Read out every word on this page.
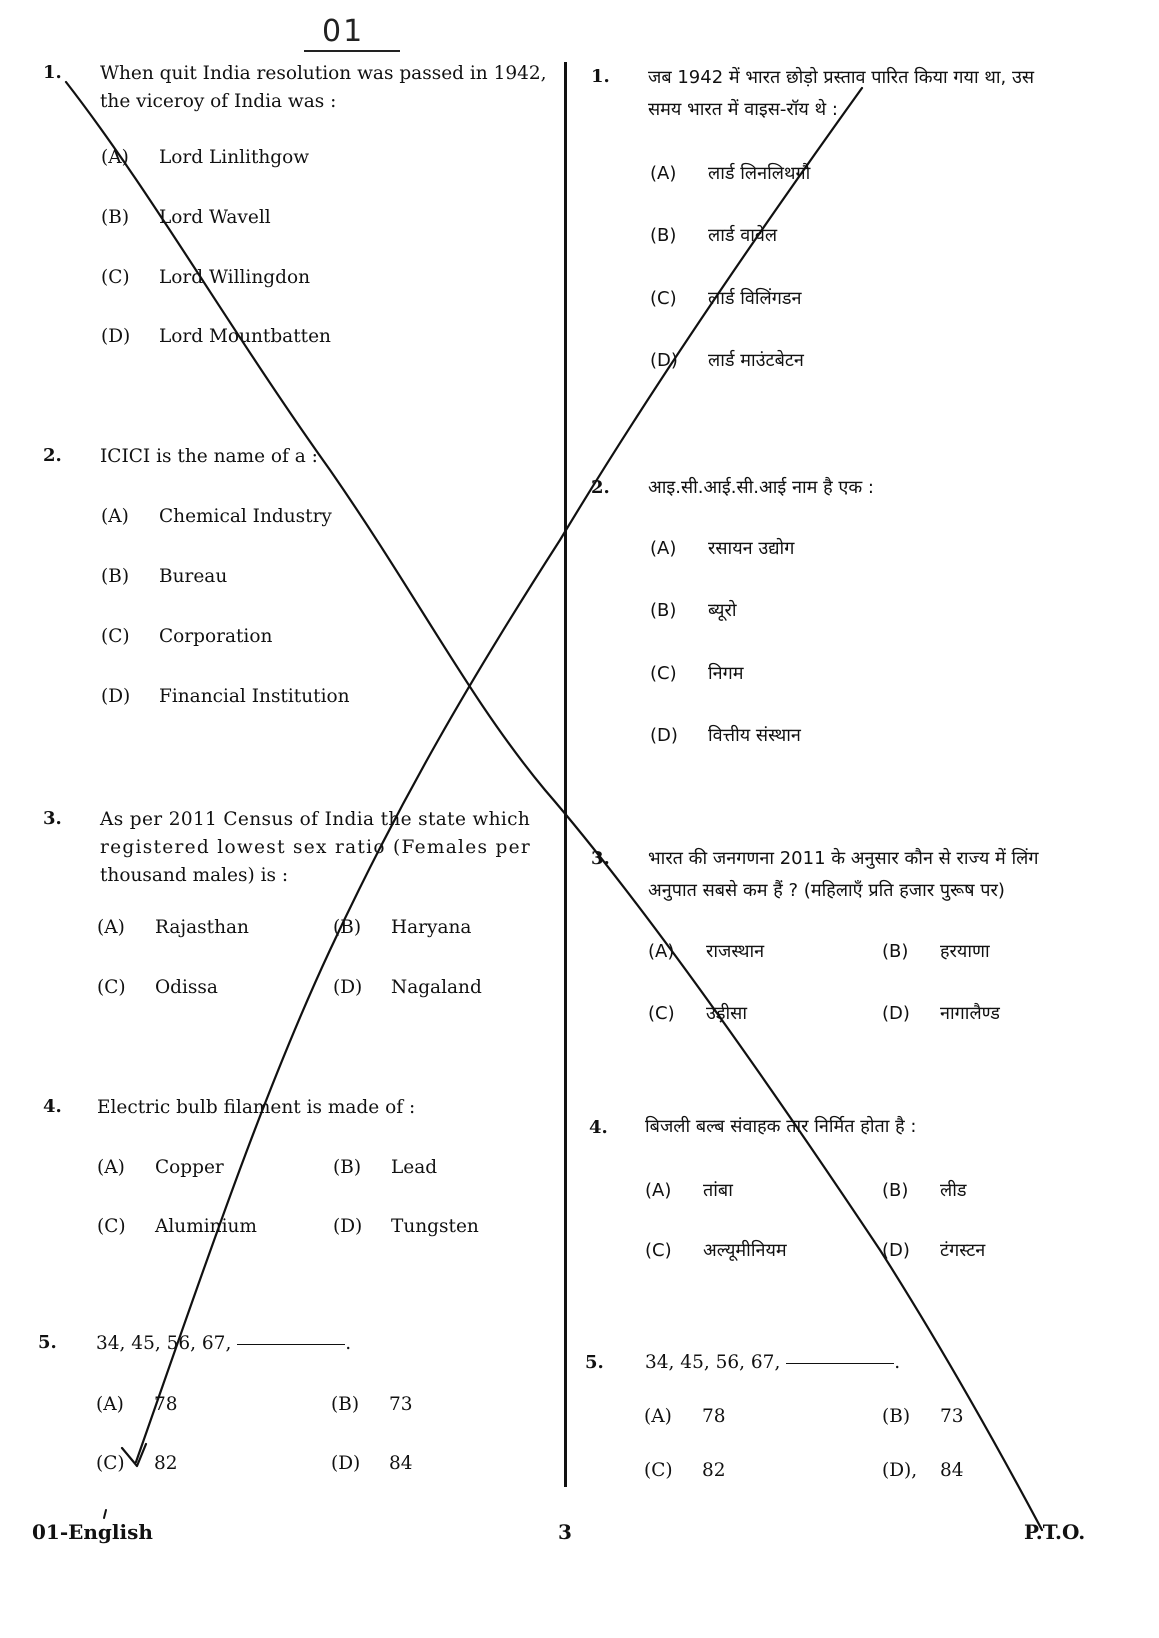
01
1. When quit India resolution was passed in 1942,
the viceroy of India was :
(A) Lord Linlithgow
(B) Lord Wavell
(C) Lord Willingdon
(D) Lord Mountbatten
2. ICICI is the name of a :
(A) Chemical Industry
(B) Bureau
(C) Corporation
(D) Financial Institution
3. As per 2011 Census of India the state which
registered lowest sex ratio (Females per
thousand males) is :
(A) Rajasthan	(B) Haryana
(C) Odissa	(D) Nagaland
4. Electric bulb filament is made of :
(A) Copper	(B) Lead
(C) Aluminium	(D) Tungsten
5. 34, 45, 56, 67,	.
(A) 78	(B) 73
(C) 82	(D) 84
1. जब 1942 में भारत छोड़ो प्रस्ताव पारित किया गया था, उस
समय भारत में वाइस-रॉय थे :
(A) लार्ड लिनलिथगौ
(B) लार्ड वावेल
(C) लार्ड विलिंगडन
(D) लार्ड माउंटबेटन
2. आइ.सी.आई.सी.आई नाम है एक :
(A) रसायन उद्योग
(B) ब्यूरो
(C) निगम
(D) वित्तीय संस्थान
3. भारत की जनगणना 2011 के अनुसार कौन से राज्य में लिंग
अनुपात सबसे कम हैं ? (महिलाएँ प्रति हजार पुरूष पर)
(A) राजस्थान	(B) हरयाणा
(C) उड़ीसा	(D) नागालैण्ड
4. बिजली बल्ब संवाहक तार निर्मित होता है :
(A) तांबा	(B) लीड
(C) अल्यूमीनियम	(D) टंगस्टन
5. 34, 45, 56, 67,	.
(A) 78	(B) 73
(C) 82	(D), 84
01-English	3	P.T.O.
